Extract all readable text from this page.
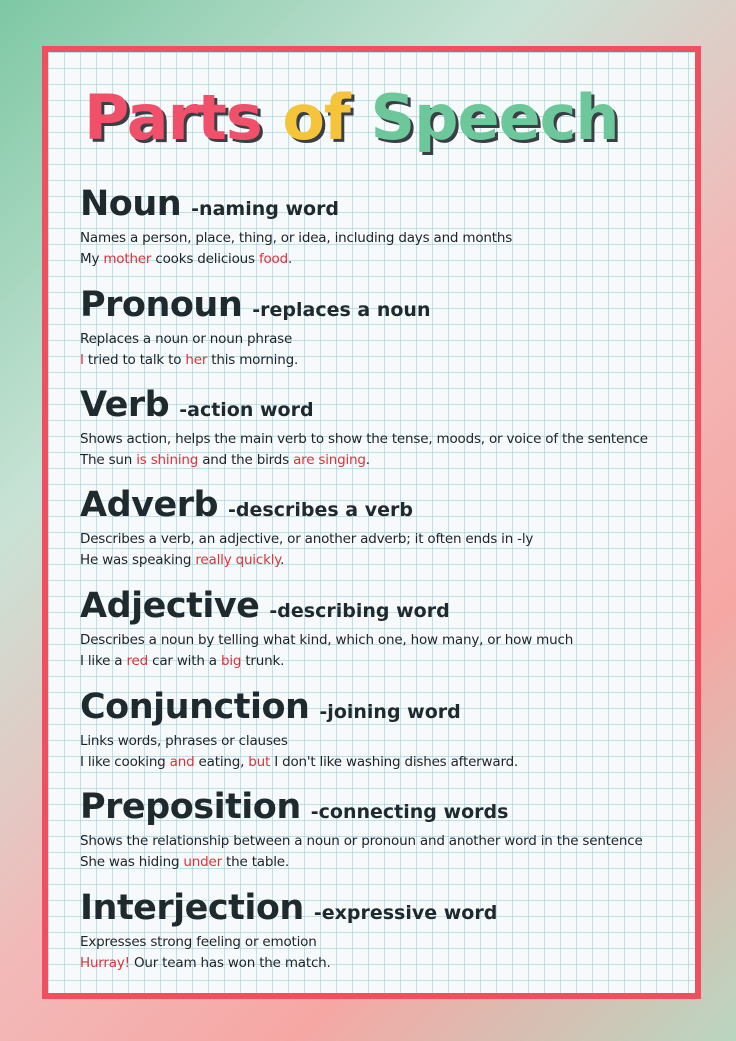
Parts of Speech
Noun -naming word
Names a person, place, thing, or idea, including days and months
My mother cooks delicious food.
Pronoun -replaces a noun
Replaces a noun or noun phrase
I tried to talk to her this morning.
Verb -action word
Shows action, helps the main verb to show the tense, moods, or voice of the sentence
The sun is shining and the birds are singing.
Adverb -describes a verb
Describes a verb, an adjective, or another adverb; it often ends in -ly
He was speaking really quickly.
Adjective -describing word
Describes a noun by telling what kind, which one, how many, or how much
I like a red car with a big trunk.
Conjunction -joining word
Links words, phrases or clauses
I like cooking and eating, but I don't like washing dishes afterward.
Preposition -connecting words
Shows the relationship between a noun or pronoun and another word in the sentence
She was hiding under the table.
Interjection -expressive word
Expresses strong feeling or emotion
Hurray! Our team has won the match.
